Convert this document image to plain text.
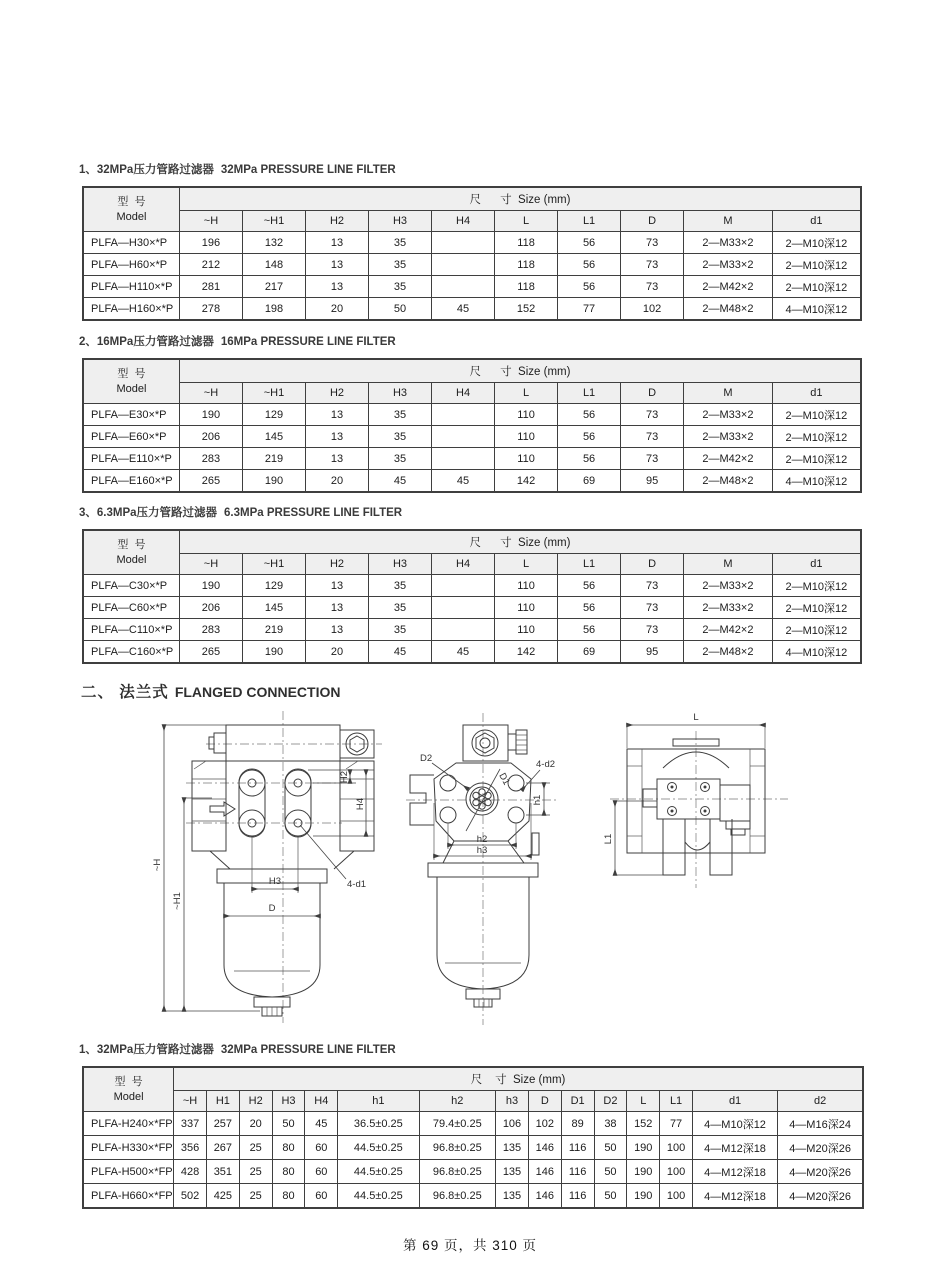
1、32MPa压力管路过滤器 32MPa PRESSURE LINE FILTER
型  号
Model	尺      寸  Size (mm)									
	~H	~H1	H2	H3	H4	L	L1	D	M	d1
PLFA—H30×*P	196	132	13	35		118	56	73	2—M33×2	2—M10深12
PLFA—H60×*P	212	148	13	35		118	56	73	2—M33×2	2—M10深12
PLFA—H110×*P	281	217	13	35		118	56	73	2—M42×2	2—M10深12
PLFA—H160×*P	278	198	20	50	45	152	77	102	2—M48×2	4—M10深12
2、16MPa压力管路过滤器 16MPa PRESSURE LINE FILTER
型  号
Model	尺      寸  Size (mm)									
	~H	~H1	H2	H3	H4	L	L1	D	M	d1
PLFA—E30×*P	190	129	13	35		110	56	73	2—M33×2	2—M10深12
PLFA—E60×*P	206	145	13	35		110	56	73	2—M33×2	2—M10深12
PLFA—E110×*P	283	219	13	35		110	56	73	2—M42×2	2—M10深12
PLFA—E160×*P	265	190	20	45	45	142	69	95	2—M48×2	4—M10深12
3、6.3MPa压力管路过滤器 6.3MPa PRESSURE LINE FILTER
型  号
Model	尺      寸  Size (mm)									
	~H	~H1	H2	H3	H4	L	L1	D	M	d1
PLFA—C30×*P	190	129	13	35		110	56	73	2—M33×2	2—M10深12
PLFA—C60×*P	206	145	13	35		110	56	73	2—M33×2	2—M10深12
PLFA—C110×*P	283	219	13	35		110	56	73	2—M42×2	2—M10深12
PLFA—C160×*P	265	190	20	45	45	142	69	95	2—M48×2	4—M10深12
二、 法兰式 FLANGED CONNECTION
~H
~H1
H2
H4
4-d1
H3
D
D2
D1
4-d2
h1
h2
h3
L
L1
1、32MPa压力管路过滤器 32MPa PRESSURE LINE FILTER
型  号
Model	尺    寸  Size (mm)														
	~H	H1	H2	H3	H4	h1	h2	h3	D	D1	D2	L	L1	d1	d2
PLFA-H240×*FP	337	257	20	50	45	36.5±0.25	79.4±0.25	106	102	89	38	152	77	4—M10深12	4—M16深24
PLFA-H330×*FP	356	267	25	80	60	44.5±0.25	96.8±0.25	135	146	116	50	190	100	4—M12深18	4—M20深26
PLFA-H500×*FP	428	351	25	80	60	44.5±0.25	96.8±0.25	135	146	116	50	190	100	4—M12深18	4—M20深26
PLFA-H660×*FP	502	425	25	80	60	44.5±0.25	96.8±0.25	135	146	116	50	190	100	4—M12深18	4—M20深26
第 69 页，共 310 页
